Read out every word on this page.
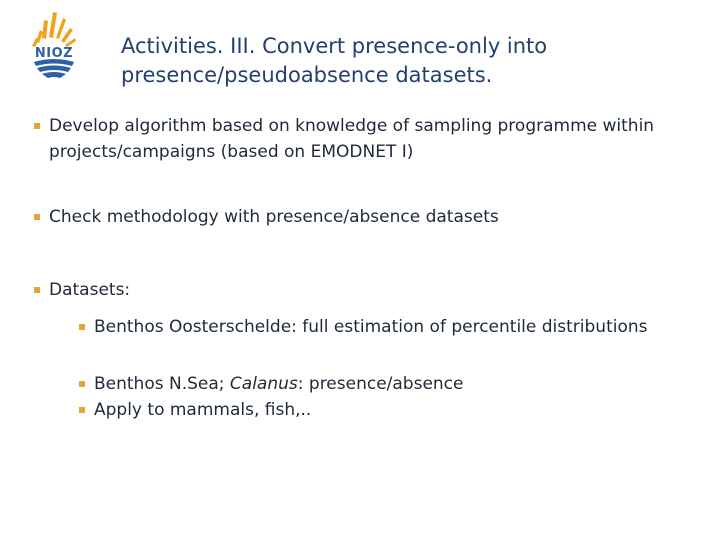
NIOZ Activities. III. Convert presence-only into presence/pseudoabsence datasets.
Develop algorithm based on knowledge of sampling programme within projects/campaigns (based on EMODNET I)
Check methodology with presence/absence datasets
Datasets:
Benthos Oosterschelde: full estimation of percentile distributions
Benthos N.Sea; Calanus: presence/absence
Apply to mammals, fish,..
